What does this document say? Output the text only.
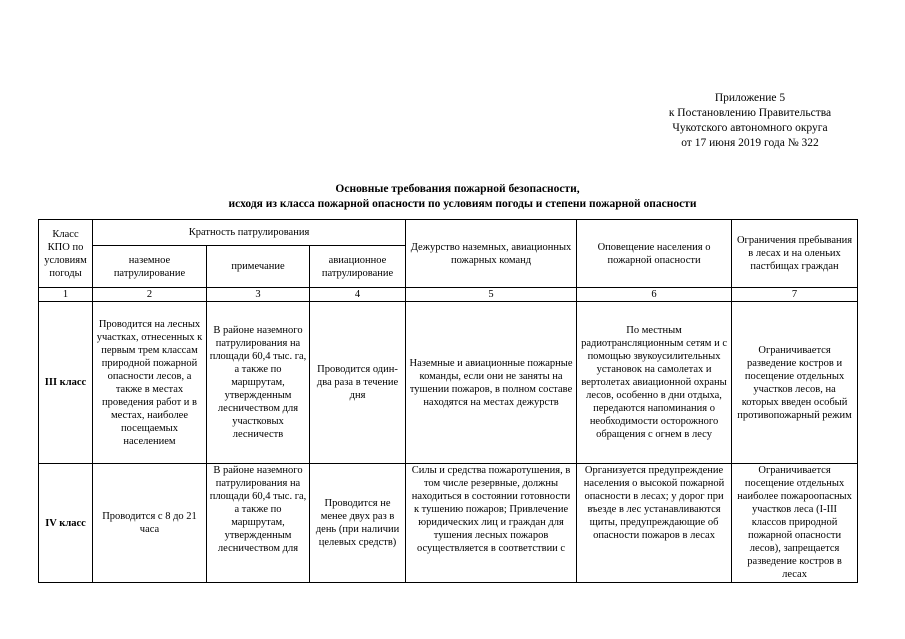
Приложение 5
к Постановлению Правительства
Чукотского автономного округа
от 17 июня 2019 года № 322
Основные требования пожарной безопасности,
исходя из класса пожарной опасности по условиям погоды и степени пожарной опасности
Класс КПО по условиям погоды	Кратность патрулирования			Дежурство наземных, авиационных пожарных команд	Оповещение населения о пожарной опасности	Ограничения пребывания в лесах и на оленьих пастбищах граждан
	наземное патрулирование	примечание	авиационное патрулирование			
1	2	3	4	5	6	7
III класс	Проводится на лесных участках, отнесенных к первым трем классам природной пожарной опасности лесов, а также в местах проведения работ и в местах, наиболее посещаемых населением	В районе наземного патрулирования на площади 60,4 тыс. га, а также по маршрутам, утвержденным лесничеством для участковых лесничеств	Проводится один-два раза в течение дня	Наземные и авиационные пожарные команды, если они не заняты на тушении пожаров, в полном составе находятся на местах дежурств	По местным радиотрансляционным сетям и с помощью звукоусилительных установок на самолетах и вертолетах авиационной охраны лесов, особенно в дни отдыха, передаются напоминания о необходимости осторожного обращения с огнем в лесу	Ограничивается разведение костров и посещение отдельных участков лесов, на которых введен особый противопожарный режим
IV класс	Проводится с 8 до 21 часа	В районе наземного патрулирования на площади 60,4 тыс. га, а также по маршрутам, утвержденным лесничеством для	Проводится не менее двух раз в день (при наличии целевых средств)	Силы и средства пожаротушения, в том числе резервные, должны находиться в состоянии готовности к тушению пожаров; Привлечение юридических лиц и граждан для тушения лесных пожаров осуществляется в соответствии с	Организуется предупреждение населения о высокой пожарной опасности в лесах; у дорог при въезде в лес устанавливаются щиты, предупреждающие об опасности пожаров в лесах	Ограничивается посещение отдельных наиболее пожароопасных участков леса (I-III классов природной пожарной опасности лесов), запрещается разведение костров в лесах
